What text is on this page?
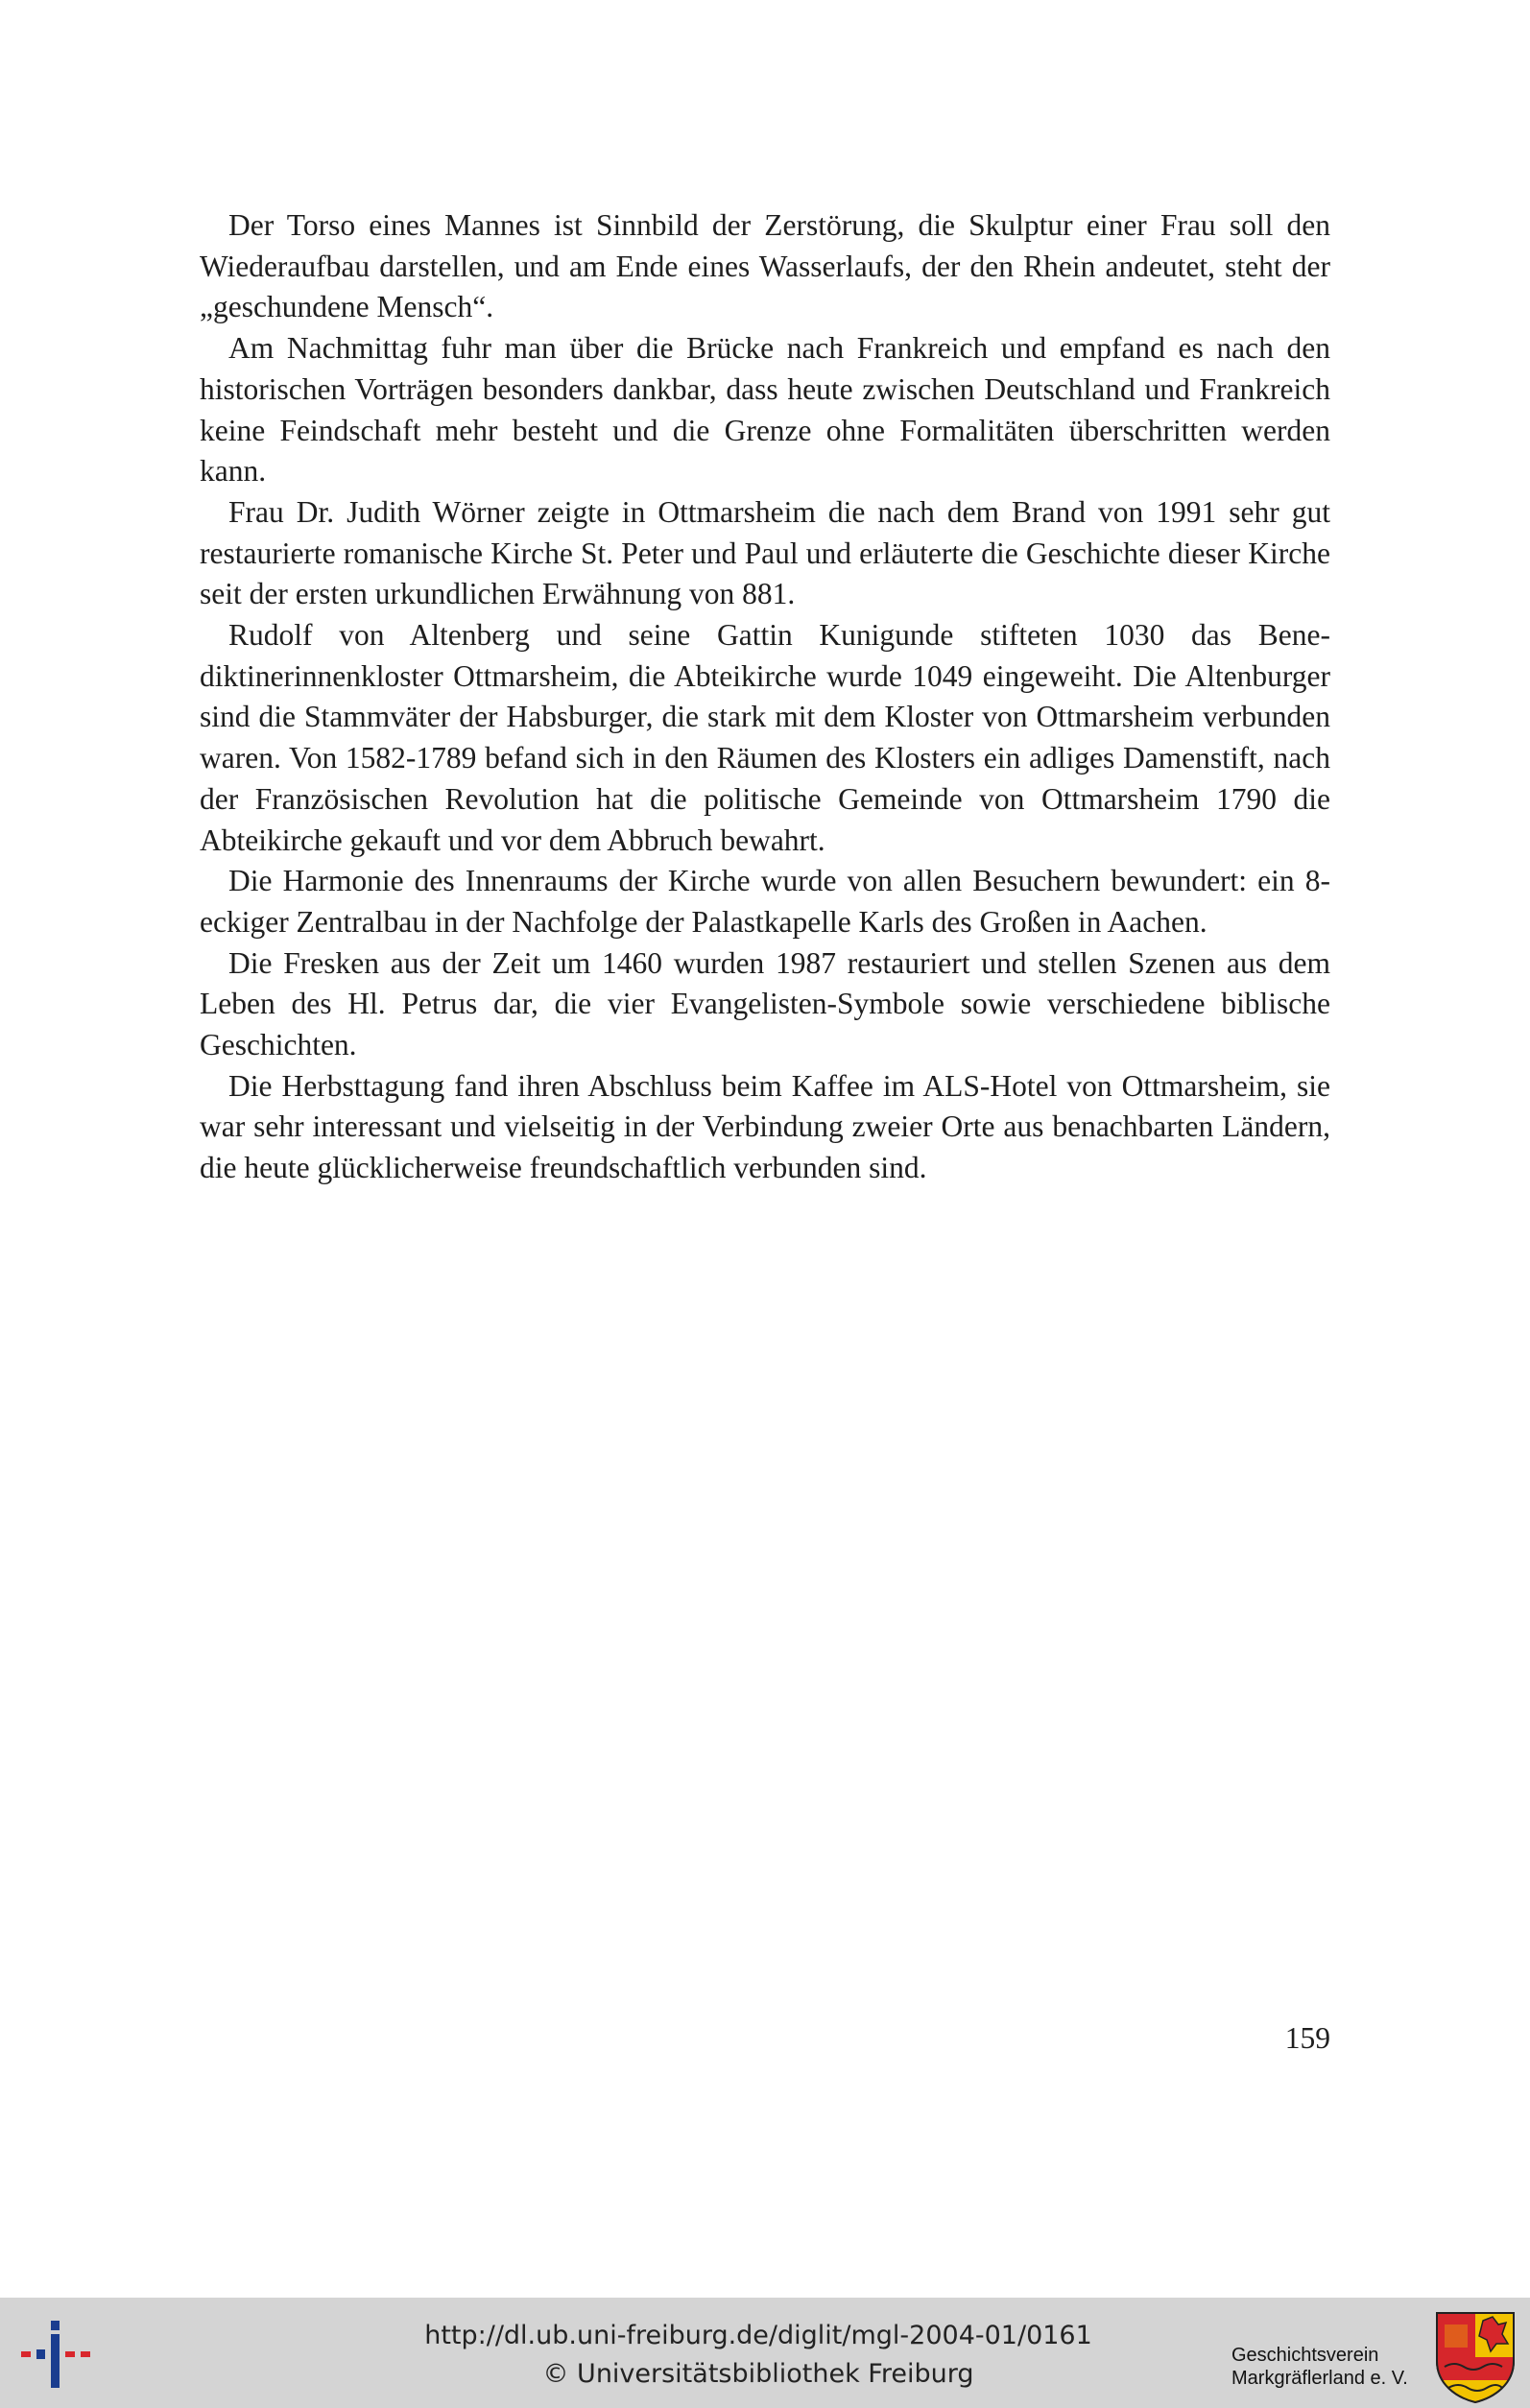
Der Torso eines Mannes ist Sinnbild der Zerstörung, die Skulptur einer Frau soll den Wiederaufbau darstellen, und am Ende eines Wasserlaufs, der den Rhein andeutet, steht der „geschundene Mensch“.

Am Nachmittag fuhr man über die Brücke nach Frankreich und empfand es nach den historischen Vorträgen besonders dankbar, dass heute zwischen Deutschland und Frankreich keine Feindschaft mehr besteht und die Grenze ohne Formalitäten überschritten werden kann.

Frau Dr. Judith Wörner zeigte in Ottmarsheim die nach dem Brand von 1991 sehr gut restaurierte romanische Kirche St. Peter und Paul und erläuterte die Geschichte dieser Kirche seit der ersten urkundlichen Erwähnung von 881.

Rudolf von Altenberg und seine Gattin Kunigunde stifteten 1030 das Benediktinerinnenkloster Ottmarsheim, die Abteikirche wurde 1049 eingeweiht. Die Altenburger sind die Stammväter der Habsburger, die stark mit dem Kloster von Ottmarsheim verbunden waren. Von 1582-1789 befand sich in den Räumen des Klosters ein adliges Damenstift, nach der Französischen Revolution hat die politische Gemeinde von Ottmarsheim 1790 die Abteikirche gekauft und vor dem Abbruch bewahrt.

Die Harmonie des Innenraums der Kirche wurde von allen Besuchern bewundert: ein 8-eckiger Zentralbau in der Nachfolge der Palastkapelle Karls des Großen in Aachen.

Die Fresken aus der Zeit um 1460 wurden 1987 restauriert und stellen Szenen aus dem Leben des Hl. Petrus dar, die vier Evangelisten-Symbole sowie verschiedene biblische Geschichten.

Die Herbsttagung fand ihren Abschluss beim Kaffee im ALS-Hotel von Ottmarsheim, sie war sehr interessant und vielseitig in der Verbindung zweier Orte aus benachbarten Ländern, die heute glücklicherweise freundschaftlich verbunden sind.

159
http://dl.ub.uni-freiburg.de/diglit/mgl-2004-01/0161
© Universitätsbibliothek Freiburg
Geschichtsverein
Markgräflerland e. V.
